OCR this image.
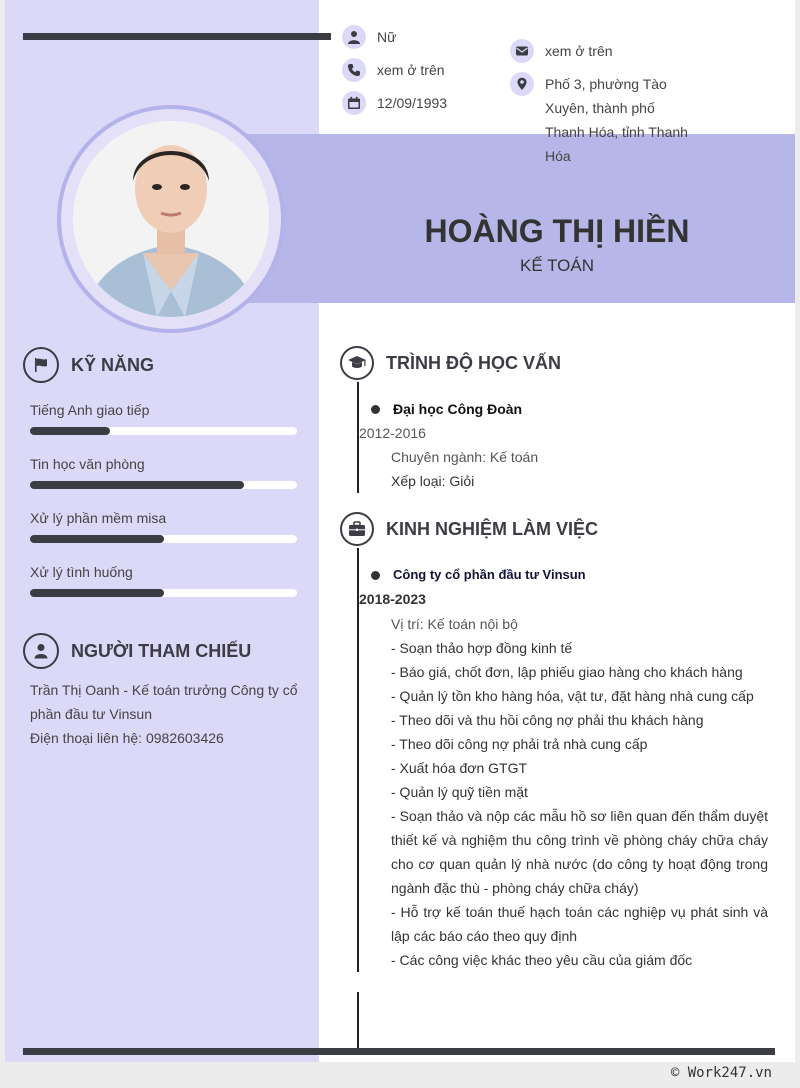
HOÀNG THỊ HIỀN
KẾ TOÁN
Nữ
xem ở trên
12/09/1993
xem ở trên
Phố 3, phường Tào Xuyên, thành phố Thanh Hóa, tỉnh Thanh Hóa
KỸ NĂNG
Tiếng Anh giao tiếp
Tin học văn phòng
Xử lý phần mềm misa
Xử lý tình huống
NGƯỜI THAM CHIẾU
Trần Thị Oanh - Kế toán trưởng Công ty cổ phần đầu tư Vinsun
Điện thoại liên hệ: 0982603426
TRÌNH ĐỘ HỌC VẤN
Đại học Công Đoàn
2012-2016
Chuyên ngành: Kế toán
Xếp loại: Giỏi
KINH NGHIỆM LÀM VIỆC
Công ty cổ phần đầu tư Vinsun
2018-2023
Vị trí: Kế toán nội bộ

- Soạn thảo hợp đồng kinh tế

- Báo giá, chốt đơn, lập phiếu giao hàng cho khách hàng

- Quản lý tồn kho hàng hóa, vật tư, đặt hàng nhà cung cấp

- Theo dõi và thu hồi công nợ phải thu khách hàng

- Theo dõi công nợ phải trả nhà cung cấp

- Xuất hóa đơn GTGT

- Quản lý quỹ tiền mặt

- Soạn thảo và nộp các mẫu hồ sơ liên quan đến thẩm duyệt thiết kế và nghiệm thu công trình về phòng cháy chữa cháy cho cơ quan quản lý nhà nước (do công ty hoạt động trong ngành đặc thù - phòng cháy chữa cháy)

- Hỗ trợ kế toán thuế hạch toán các nghiệp vụ phát sinh và lập các báo cáo theo quy định

- Các công việc khác theo yêu cầu của giám đốc

© Work247.vn
